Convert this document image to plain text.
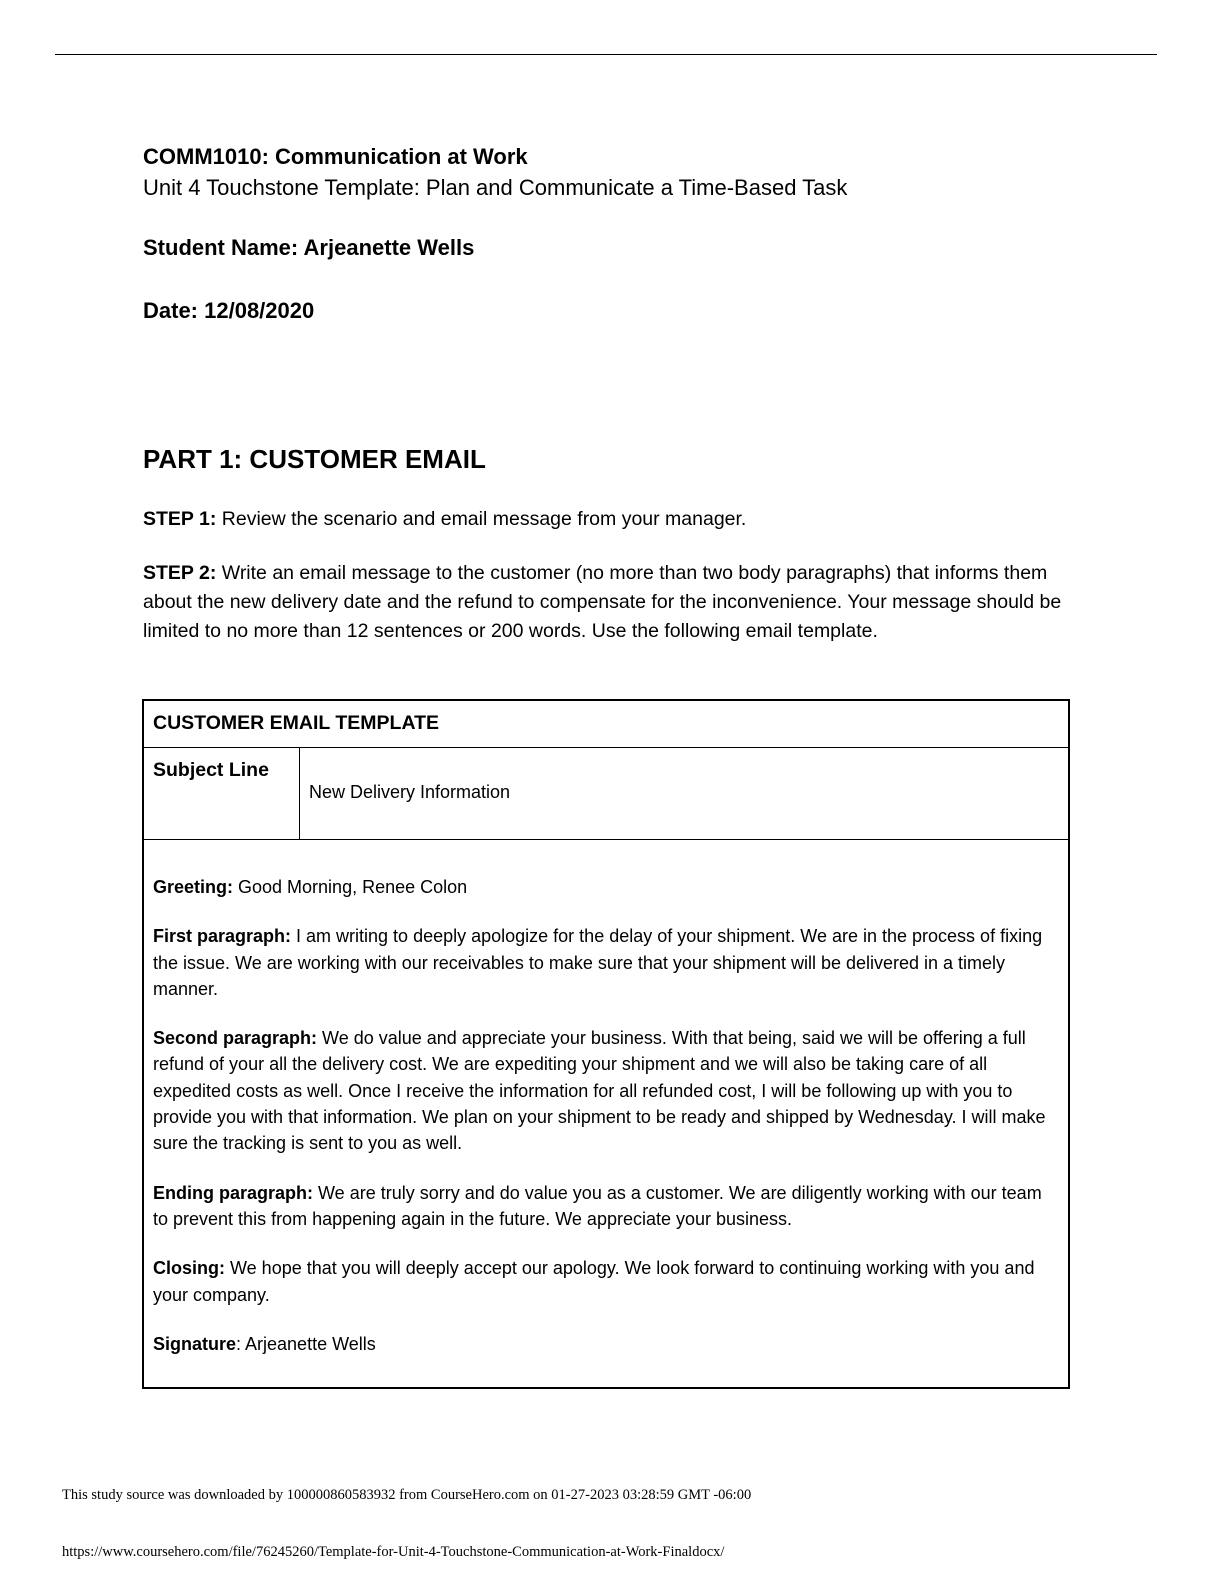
COMM1010: Communication at Work
Unit 4 Touchstone Template: Plan and Communicate a Time-Based Task
Student Name: Arjeanette Wells
Date: 12/08/2020
PART 1: CUSTOMER EMAIL
STEP 1: Review the scenario and email message from your manager.
STEP 2: Write an email message to the customer (no more than two body paragraphs) that informs them about the new delivery date and the refund to compensate for the inconvenience. Your message should be limited to no more than 12 sentences or 200 words. Use the following email template.
CUSTOMER EMAIL TEMPLATE
Subject Line
New Delivery Information

Greeting: Good Morning, Renee Colon

First paragraph: I am writing to deeply apologize for the delay of your shipment. We are in the process of fixing the issue. We are working with our receivables to make sure that your shipment will be delivered in a timely manner.

Second paragraph: We do value and appreciate your business. With that being, said we will be offering a full refund of your all the delivery cost. We are expediting your shipment and we will also be taking care of all expedited costs as well. Once I receive the information for all refunded cost, I will be following up with you to provide you with that information. We plan on your shipment to be ready and shipped by Wednesday. I will make sure the tracking is sent to you as well.

Ending paragraph: We are truly sorry and do value you as a customer. We are diligently working with our team to prevent this from happening again in the future. We appreciate your business.

Closing: We hope that you will deeply accept our apology. We look forward to continuing working with you and your company.

Signature: Arjeanette Wells

This study source was downloaded by 100000860583932 from CourseHero.com on 01-27-2023 03:28:59 GMT -06:00
https://www.coursehero.com/file/76245260/Template-for-Unit-4-Touchstone-Communication-at-Work-Finaldocx/
